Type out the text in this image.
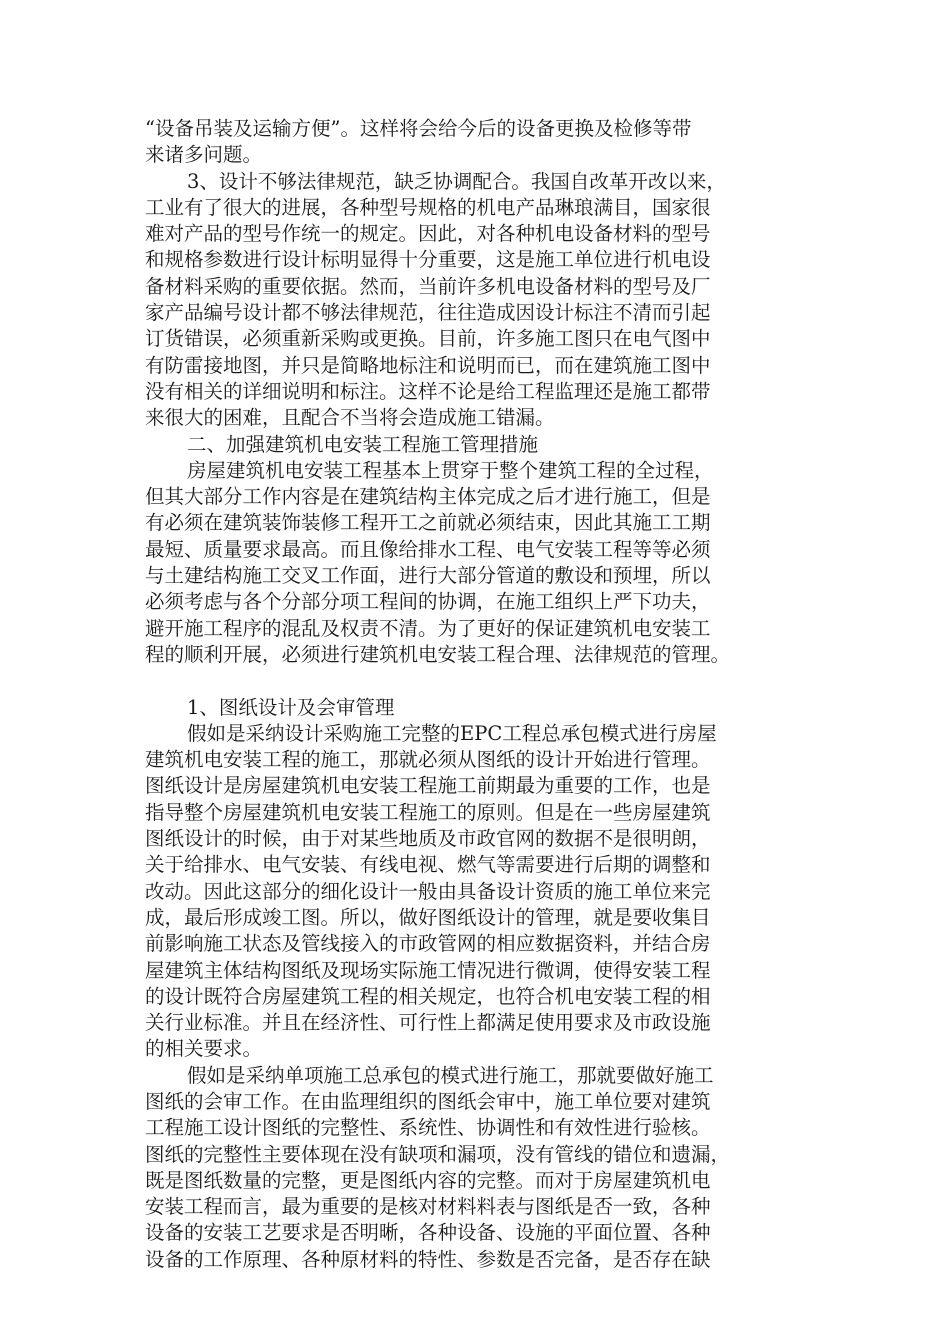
“设备吊装及运输方便”。这样将会给今后的设备更换及检修等带
来诸多问题。
3、设计不够法律规范，缺乏协调配合。我国自改革开改以来，
工业有了很大的进展，各种型号规格的机电产品琳琅满目，国家很
难对产品的型号作统一的规定。因此，对各种机电设备材料的型号
和规格参数进行设计标明显得十分重要，这是施工单位进行机电设
备材料采购的重要依据。然而，当前许多机电设备材料的型号及厂
家产品编号设计都不够法律规范，往往造成因设计标注不清而引起
订货错误，必须重新采购或更换。目前，许多施工图只在电气图中
有防雷接地图，并只是简略地标注和说明而已，而在建筑施工图中
没有相关的详细说明和标注。这样不论是给工程监理还是施工都带
来很大的困难，且配合不当将会造成施工错漏。
二、加强建筑机电安装工程施工管理措施
房屋建筑机电安装工程基本上贯穿于整个建筑工程的全过程，
但其大部分工作内容是在建筑结构主体完成之后才进行施工，但是
有必须在建筑装饰装修工程开工之前就必须结束，因此其施工工期
最短、质量要求最高。而且像给排水工程、电气安装工程等等必须
与土建结构施工交叉工作面，进行大部分管道的敷设和预埋，所以
必须考虑与各个分部分项工程间的协调，在施工组织上严下功夫，
避开施工程序的混乱及权责不清。为了更好的保证建筑机电安装工
程的顺利开展，必须进行建筑机电安装工程合理、法律规范的管理。
1、图纸设计及会审管理
假如是采纳设计采购施工完整的EPC工程总承包模式进行房屋
建筑机电安装工程的施工，那就必须从图纸的设计开始进行管理。
图纸设计是房屋建筑机电安装工程施工前期最为重要的工作，也是
指导整个房屋建筑机电安装工程施工的原则。但是在一些房屋建筑
图纸设计的时候，由于对某些地质及市政官网的数据不是很明朗，
关于给排水、电气安装、有线电视、燃气等需要进行后期的调整和
改动。因此这部分的细化设计一般由具备设计资质的施工单位来完
成，最后形成竣工图。所以，做好图纸设计的管理，就是要收集目
前影响施工状态及管线接入的市政管网的相应数据资料，并结合房
屋建筑主体结构图纸及现场实际施工情况进行微调，使得安装工程
的设计既符合房屋建筑工程的相关规定，也符合机电安装工程的相
关行业标准。并且在经济性、可行性上都满足使用要求及市政设施
的相关要求。
假如是采纳单项施工总承包的模式进行施工，那就要做好施工
图纸的会审工作。在由监理组织的图纸会审中，施工单位要对建筑
工程施工设计图纸的完整性、系统性、协调性和有效性进行验核。
图纸的完整性主要体现在没有缺项和漏项，没有管线的错位和遗漏，
既是图纸数量的完整，更是图纸内容的完整。而对于房屋建筑机电
安装工程而言，最为重要的是核对材料料表与图纸是否一致，各种
设备的安装工艺要求是否明晰，各种设备、设施的平面位置、各种
设备的工作原理、各种原材料的特性、参数是否完备，是否存在缺
